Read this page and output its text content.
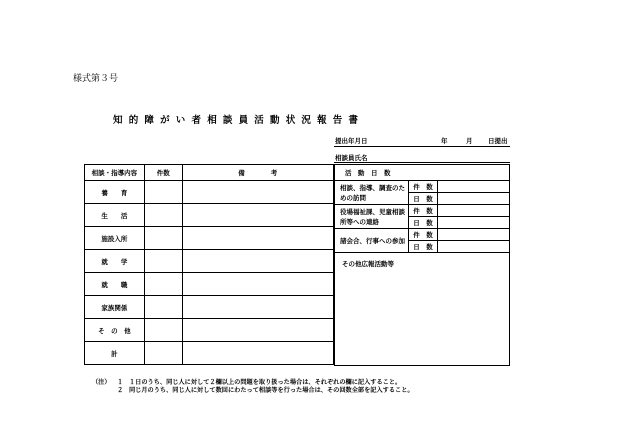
様式第３号
知的障がい者相談員活動状況報告書
提出年月日	年	月 日提出
相談員氏名
相談・指導内容	件数	備　　　　考
養　　育		
生　　活		
施設入所		
就　　学		
就　　職		
家族関係		
そ　の　他		
計		
活　動　日　数		
相談、指導、調査のための訪問	件　数	
	日　数	
役場福祉課、児童相談所等への連絡	件　数	
	日　数	
諸会合、行事への参加	件　数	
	日　数	
その他広報活動等		
（注） １ １日のうち、同じ人に対して２欄以上の問題を取り扱った場合は、それぞれの欄に記入すること。
２ 同じ月のうち、同じ人に対して数回にわたって相談等を行った場合は、その回数全部を記入すること。
